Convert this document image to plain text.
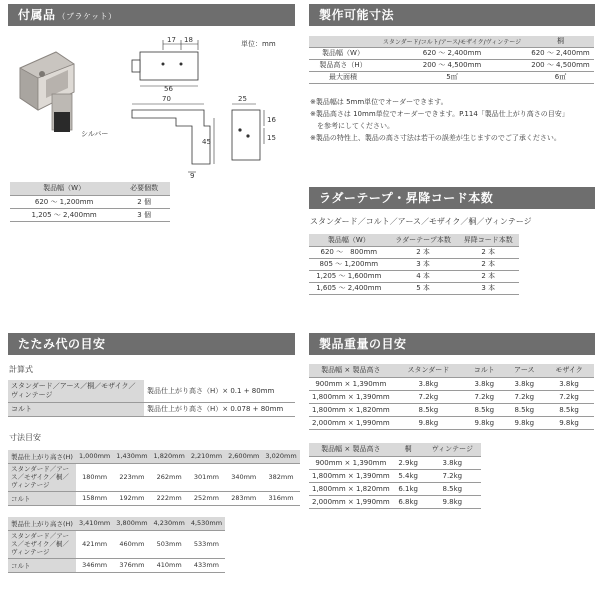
付属品 （ブラケット）
単位：mm
シルバー
17 18
56
70
45
9
25
16
15
製品幅（W）	必要個数
620 〜 1,200mm	2 個
1,205 〜 2,400mm	3 個
製作可能寸法
	スタンダード/コルト/アース/モザイク/ヴィンテージ	桐
製品幅（W）	620 〜 2,400mm	620 〜 2,400mm
製品高さ（H）	200 〜 4,500mm	200 〜 4,500mm
最大面積	5㎡	6㎡
※製品幅は 5mm単位でオーダーできます。
※製品高さは 10mm単位でオーダーできます。P.114「製品仕上がり高さの目安」
　を参考にしてください。
※製品の特性上、製品の高さ寸法は若干の誤差が生じますのでご了承ください。
ラダーテープ・昇降コード本数
スタンダード／コルト／アース／モザイク／桐／ヴィンテージ
製品幅（W）	ラダーテープ本数	昇降コード本数
620 〜　800mm	2 本	2 本
805 〜 1,200mm	3 本	2 本
1,205 〜 1,600mm	4 本	2 本
1,605 〜 2,400mm	5 本	3 本
たたみ代の目安
計算式
スタンダード／アース／桐／モザイク／ヴィンテージ	製品仕上がり高さ（H）× 0.1 + 80mm
コルト	製品仕上がり高さ（H）× 0.078 + 80mm
寸法目安
製品仕上がり高さ(H)	1,000mm	1,430mm	1,820mm	2,210mm	2,600mm	3,020mm
スタンダード／アース／モザイク／桐／ヴィンテージ	180mm	223mm	262mm	301mm	340mm	382mm
コルト	158mm	192mm	222mm	252mm	283mm	316mm
製品仕上がり高さ(H)	3,410mm	3,800mm	4,230mm	4,530mm
スタンダード／アース／モザイク／桐／ヴィンテージ	421mm	460mm	503mm	533mm
コルト	346mm	376mm	410mm	433mm
製品重量の目安
製品幅 × 製品高さ	スタンダード	コルト	アース	モザイク
900mm × 1,390mm	3.8kg	3.8kg	3.8kg	3.8kg
1,800mm × 1,390mm	7.2kg	7.2kg	7.2kg	7.2kg
1,800mm × 1,820mm	8.5kg	8.5kg	8.5kg	8.5kg
2,000mm × 1,990mm	9.8kg	9.8kg	9.8kg	9.8kg
製品幅 × 製品高さ	桐	ヴィンテージ
900mm × 1,390mm	2.9kg	3.8kg
1,800mm × 1,390mm	5.4kg	7.2kg
1,800mm × 1,820mm	6.1kg	8.5kg
2,000mm × 1,990mm	6.8kg	9.8kg
